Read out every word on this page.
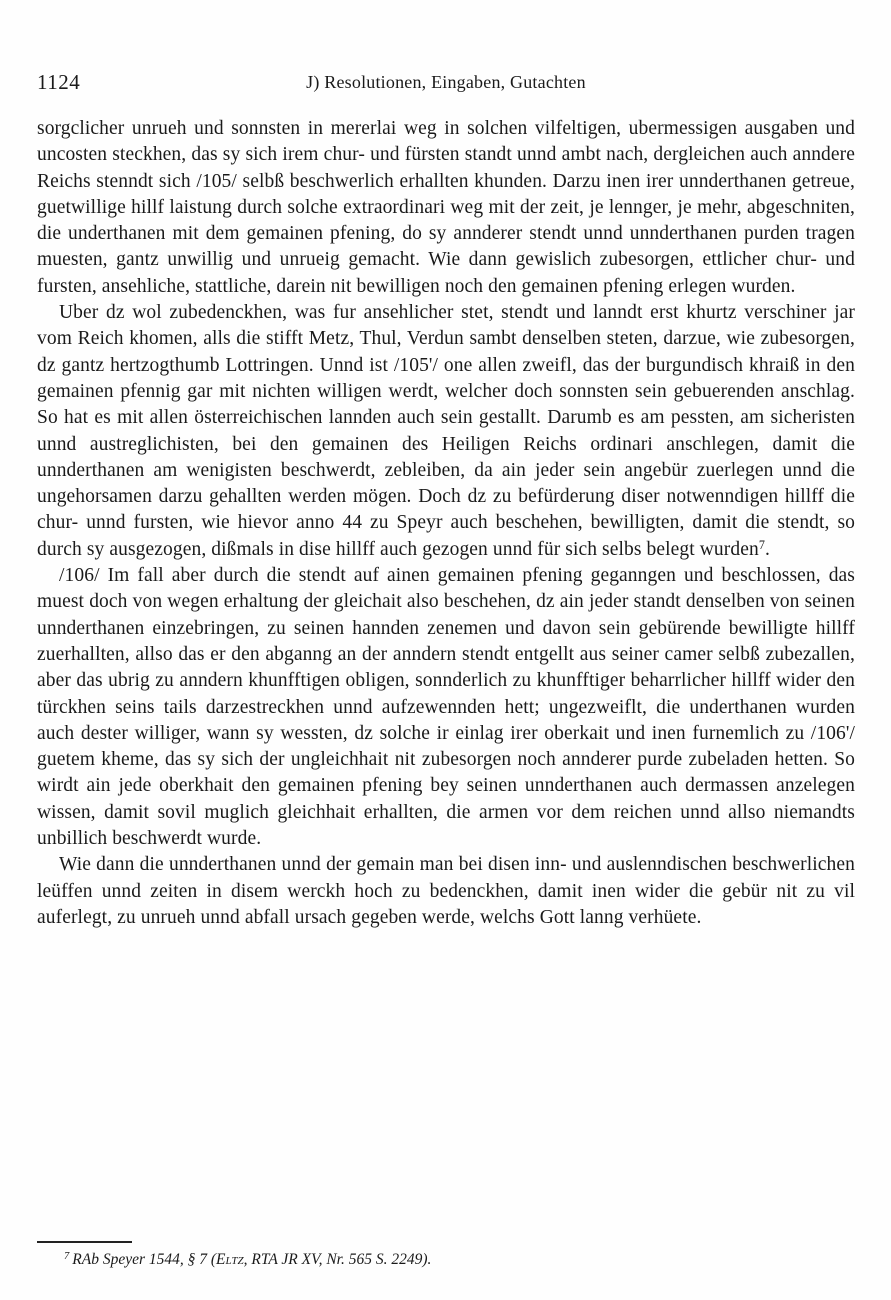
1124	J) Resolutionen, Eingaben, Gutachten

sorgclicher unrueh und sonnsten in mererlai weg in solchen vilfeltigen, ubermessigen ausgaben und uncosten steckhen, das sy sich irem chur- und fürsten standt unnd ambt nach, dergleichen auch anndere Reichs stenndt sich /105/ selbß beschwerlich erhallten khunden. Darzu inen irer unnderthanen getreue, guetwillige hillf laistung durch solche extraordinari weg mit der zeit, je lennger, je mehr, abgeschniten, die underthanen mit dem gemainen pfening, do sy annderer stendt unnd unnderthanen purden tragen muesten, gantz unwillig und unrueig gemacht. Wie dann gewislich zubesorgen, ettlicher chur- und fursten, ansehliche, stattliche, darein nit bewilligen noch den gemainen pfening erlegen wurden.

Uber dz wol zubedenckhen, was fur ansehlicher stet, stendt und lanndt erst khurtz verschiner jar vom Reich khomen, alls die stifft Metz, Thul, Verdun sambt denselben steten, darzue, wie zubesorgen, dz gantz hertzogthumb Lottringen. Unnd ist /105'/ one allen zweifl, das der burgundisch khraiß in den gemainen pfennig gar mit nichten willigen werdt, welcher doch sonnsten sein gebuerenden anschlag. So hat es mit allen österreichischen lannden auch sein gestallt. Darumb es am pessten, am sicheristen unnd austreglichisten, bei den gemainen des Heiligen Reichs ordinari anschlegen, damit die unnderthanen am wenigisten beschwerdt, zebleiben, da ain jeder sein angebür zuerlegen unnd die ungehorsamen darzu gehallten werden mögen. Doch dz zu befürderung diser notwenndigen hillff die chur- unnd fursten, wie hievor anno 44 zu Speyr auch beschehen, bewilligten, damit die stendt, so durch sy ausgezogen, dißmals in dise hillff auch gezogen unnd für sich selbs belegt wurden$^7$.

/106/ Im fall aber durch die stendt auf ainen gemainen pfening geganngen und beschlossen, das muest doch von wegen erhaltung der gleichait also beschehen, dz ain jeder standt denselben von seinen unnderthanen einzebringen, zu seinen hannden zenemen und davon sein gebürende bewilligte hillff zuerhallten, allso das er den abganng an der anndern stendt entgellt aus seiner camer selbß zubezallen, aber das ubrig zu anndern khunfftigen obligen, sonnderlich zu khunfftiger beharrlicher hillff wider den türckhen seins tails darzestreckhen unnd aufzewennden hett; ungezweiflt, die underthanen wurden auch dester williger, wann sy wessten, dz solche ir einlag irer oberkait und inen furnemlich zu /106'/ guetem kheme, das sy sich der ungleichhait nit zubesorgen noch annderer purde zubeladen hetten. So wirdt ain jede oberkhait den gemainen pfening bey seinen unnderthanen auch dermassen anzelegen wissen, damit sovil muglich gleichhait erhallten, die armen vor dem reichen unnd allso niemandts unbillich beschwerdt wurde.

Wie dann die unnderthanen unnd der gemain man bei disen inn- und auslenndischen beschwerlichen leüffen unnd zeiten in disem werckh hoch zu bedenckhen, damit inen wider die gebür nit zu vil auferlegt, zu unrueh unnd abfall ursach gegeben werde, welchs Gott lanng verhüete.

$^7$ RAb Speyer 1544, § 7 (Eltz, RTA JR XV, Nr. 565 S. 2249).
